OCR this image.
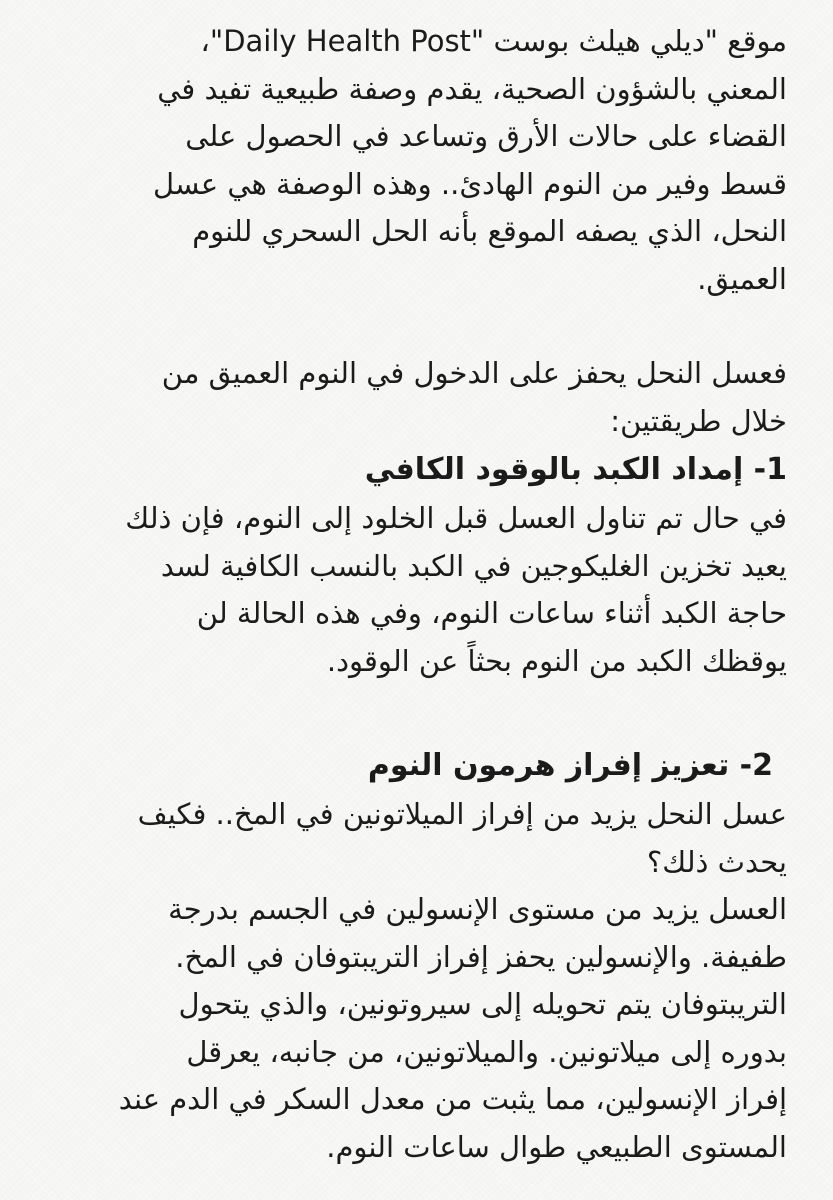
موقع "ديلي هيلث بوست "Daily Health Post"،
المعني بالشؤون الصحية، يقدم وصفة طبيعية تفيد في
القضاء على حالات الأرق وتساعد في الحصول على
قسط وفير من النوم الهادئ.. وهذه الوصفة هي عسل
النحل، الذي يصفه الموقع بأنه الحل السحري للنوم
العميق.

فعسل النحل يحفز على الدخول في النوم العميق من
خلال طريقتين:

1- إمداد الكبد بالوقود الكافي

في حال تم تناول العسل قبل الخلود إلى النوم، فإن ذلك
يعيد تخزين الغليكوجين في الكبد بالنسب الكافية لسد
حاجة الكبد أثناء ساعات النوم، وفي هذه الحالة لن
يوقظك الكبد من النوم بحثاً عن الوقود.

2- تعزيز إفراز هرمون النوم

عسل النحل يزيد من إفراز الميلاتونين في المخ.. فكيف
يحدث ذلك؟
العسل يزيد من مستوى الإنسولين في الجسم بدرجة
طفيفة. والإنسولين يحفز إفراز التريبتوفان في المخ.
التريبتوفان يتم تحويله إلى سيروتونين، والذي يتحول
بدوره إلى ميلاتونين. والميلاتونين، من جانبه، يعرقل
إفراز الإنسولين، مما يثبت من معدل السكر في الدم عند
المستوى الطبيعي طوال ساعات النوم.
